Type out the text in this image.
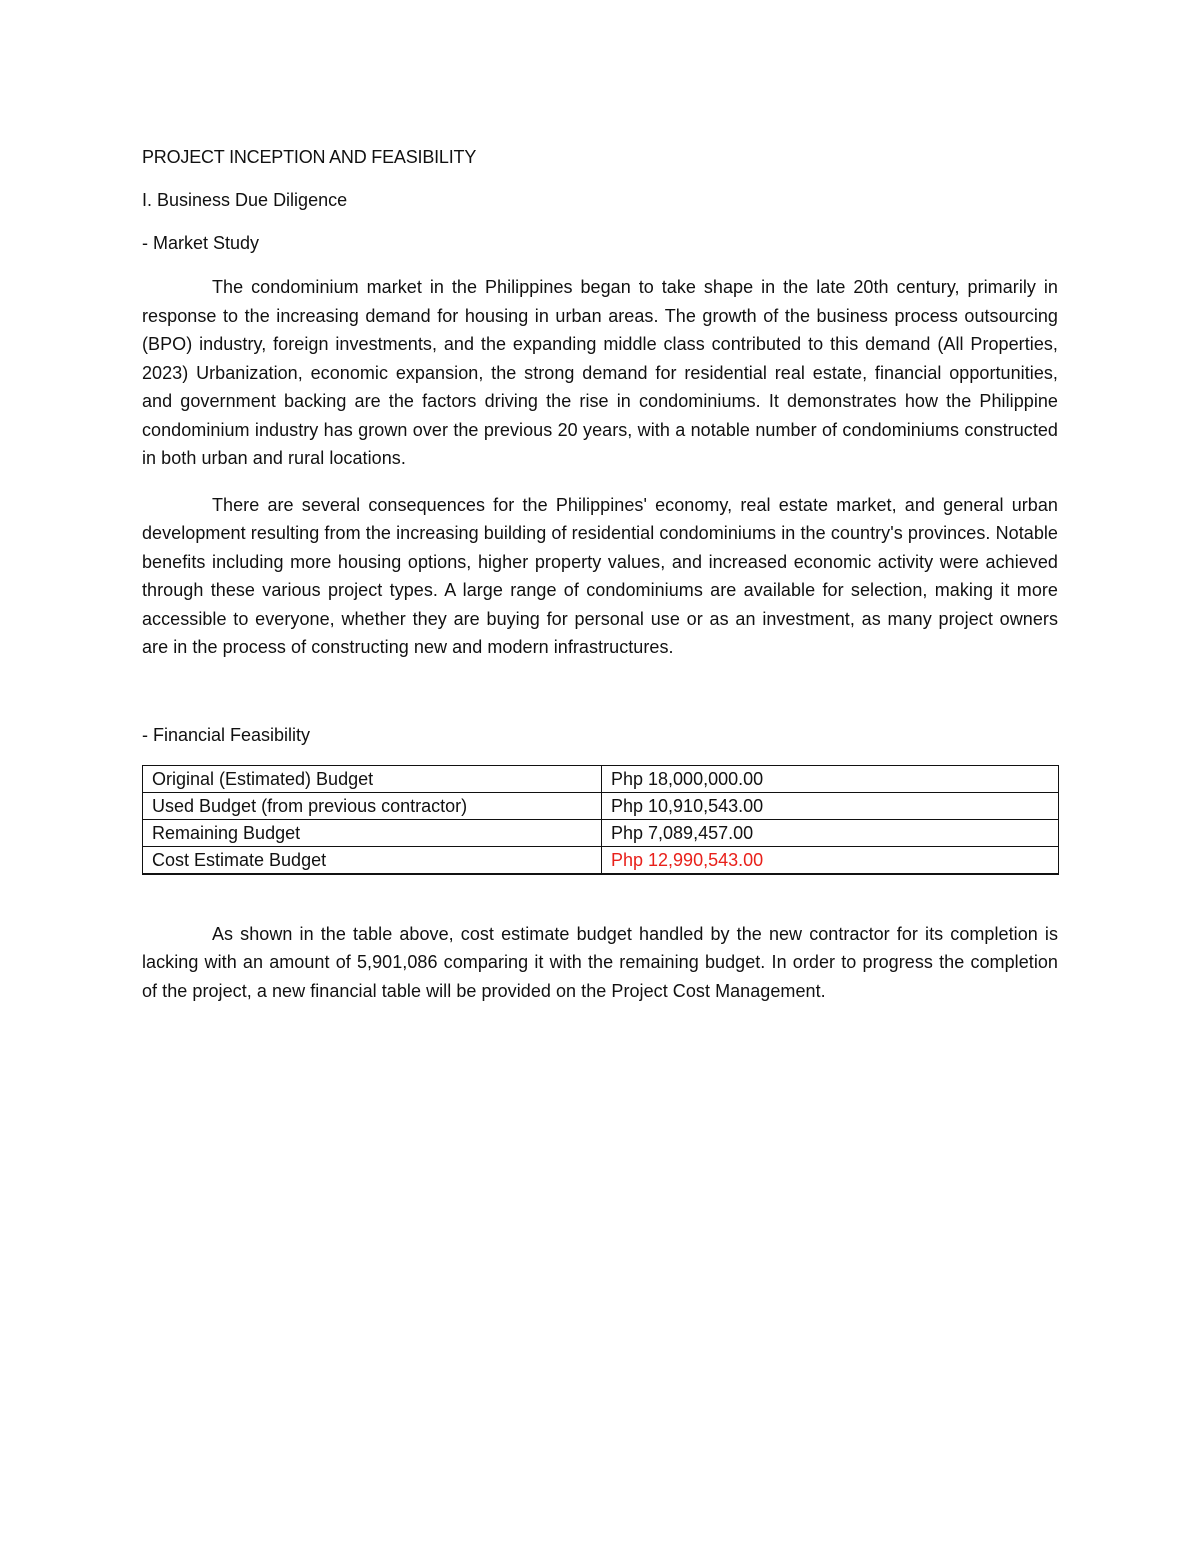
PROJECT INCEPTION AND FEASIBILITY

I. Business Due Diligence

- Market Study

The condominium market in the Philippines began to take shape in the late 20th century, primarily in response to the increasing demand for housing in urban areas. The growth of the business process outsourcing (BPO) industry, foreign investments, and the expanding middle class contributed to this demand (All Properties, 2023) Urbanization, economic expansion, the strong demand for residential real estate, financial opportunities, and government backing are the factors driving the rise in condominiums. It demonstrates how the Philippine condominium industry has grown over the previous 20 years, with a notable number of condominiums constructed in both urban and rural locations.

There are several consequences for the Philippines' economy, real estate market, and general urban development resulting from the increasing building of residential condominiums in the country's provinces. Notable benefits including more housing options, higher property values, and increased economic activity were achieved through these various project types. A large range of condominiums are available for selection, making it more accessible to everyone, whether they are buying for personal use or as an investment, as many project owners are in the process of constructing new and modern infrastructures.

- Financial Feasibility

Original (Estimated) Budget	Php 18,000,000.00
Used Budget (from previous contractor)	Php 10,910,543.00
Remaining Budget	Php 7,089,457.00
Cost Estimate Budget	Php 12,990,543.00

As shown in the table above, cost estimate budget handled by the new contractor for its completion is lacking with an amount of 5,901,086 comparing it with the remaining budget. In order to progress the completion of the project, a new financial table will be provided on the Project Cost Management.
